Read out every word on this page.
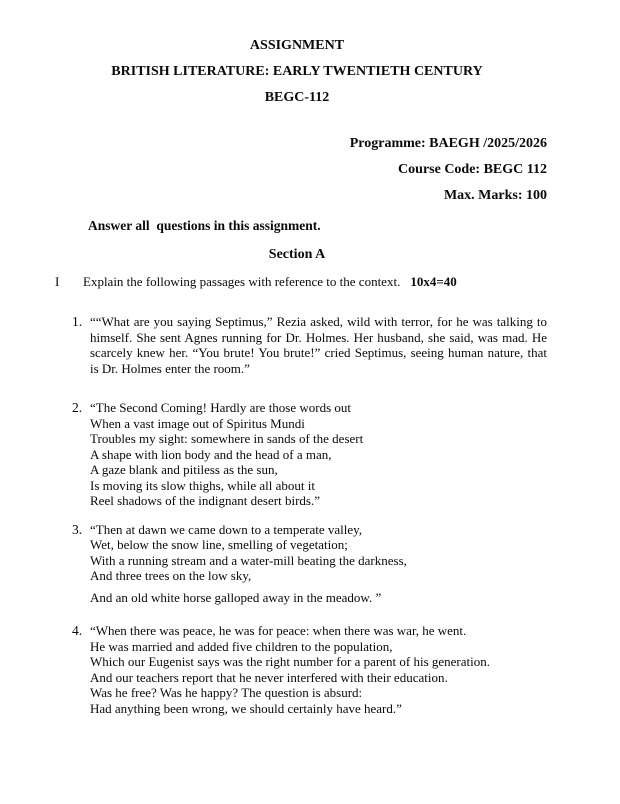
ASSIGNMENT
BRITISH LITERATURE: EARLY TWENTIETH CENTURY
BEGC-112
Programme: BAEGH /2025/2026
Course Code: BEGC 112
Max. Marks: 100

Answer all  questions in this assignment.

Section A
I	Explain the following passages with reference to the context. 10x4=40
1. ““What are you saying Septimus,” Rezia asked, wild with terror, for he was talking to himself. She sent Agnes running for Dr. Holmes. Her husband, she said, was mad. He scarcely knew her. “You brute! You brute!” cried Septimus, seeing human nature, that is Dr. Holmes enter the room.”
2. “The Second Coming! Hardly are those words out
When a vast image out of Spiritus Mundi
Troubles my sight: somewhere in sands of the desert
A shape with lion body and the head of a man,
A gaze blank and pitiless as the sun,
Is moving its slow thighs, while all about it
Reel shadows of the indignant desert birds.”
3. “Then at dawn we came down to a temperate valley,
Wet, below the snow line, smelling of vegetation;
With a running stream and a water-mill beating the darkness,
And three trees on the low sky,
And an old white horse galloped away in the meadow. ”
4. “When there was peace, he was for peace: when there was war, he went.
He was married and added five children to the population,
Which our Eugenist says was the right number for a parent of his generation.
And our teachers report that he never interfered with their education.
Was he free? Was he happy? The question is absurd:
Had anything been wrong, we should certainly have heard.”
